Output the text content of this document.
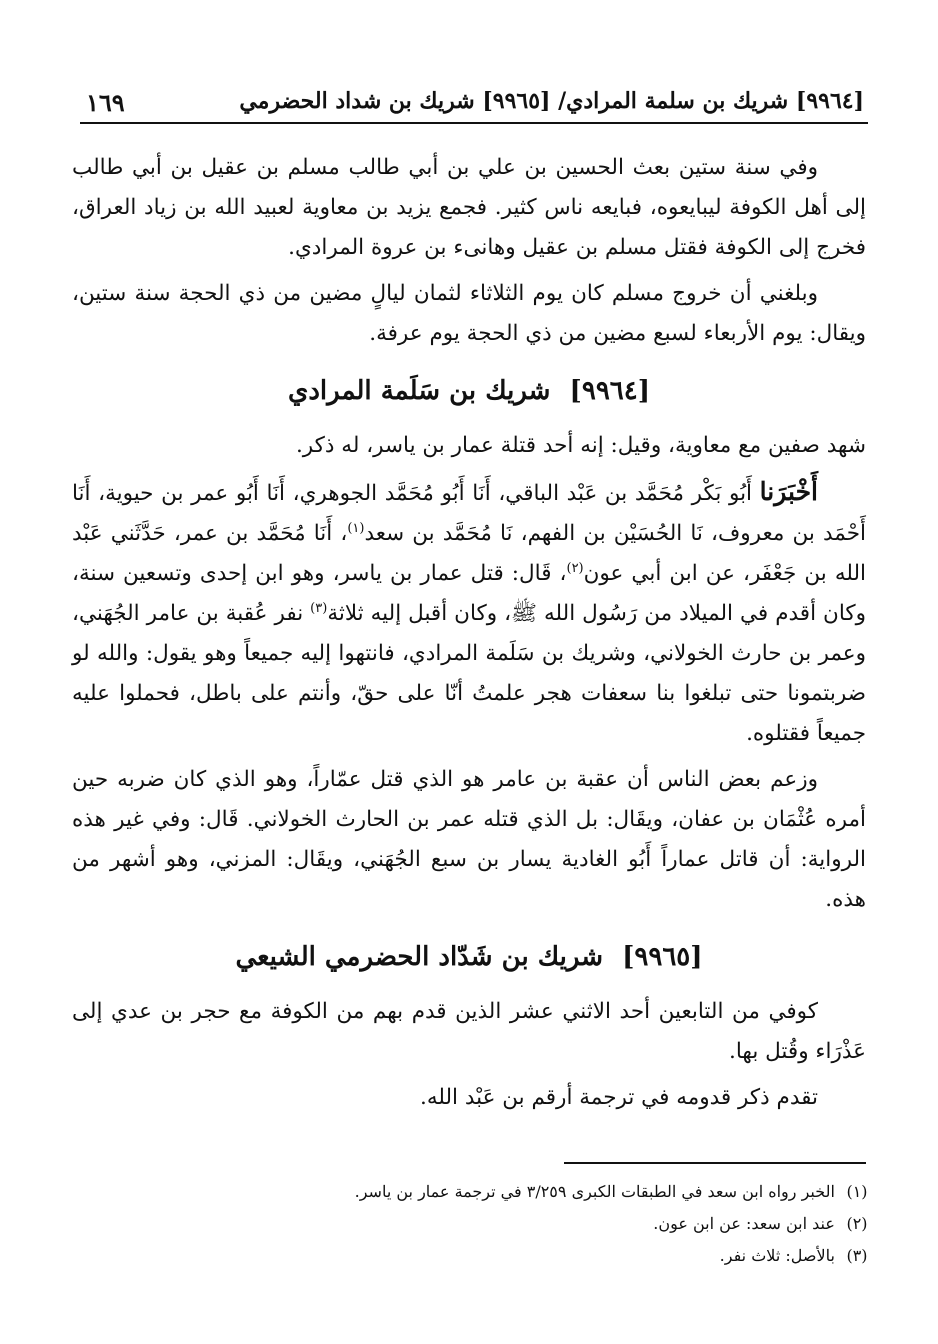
[٩٩٦٤] شريك بن سلمة المرادي/ [٩٩٦٥] شريك بن شداد الحضرمي
١٦٩

وفي سنة ستين بعث الحسين بن علي بن أبي طالب مسلم بن عقيل بن أبي طالب إلى أهل الكوفة ليبايعوه، فبايعه ناس كثير. فجمع يزيد بن معاوية لعبيد الله بن زياد العراق، فخرج إلى الكوفة فقتل مسلم بن عقيل وهانىء بن عروة المرادي.

وبلغني أن خروج مسلم كان يوم الثلاثاء لثمان ليالٍ مضين من ذي الحجة سنة ستين، ويقال: يوم الأربعاء لسبع مضين من ذي الحجة يوم عرفة.

[٩٩٦٤] شريك بن سَلَمة المرادي

شهد صفين مع معاوية، وقيل: إنه أحد قتلة عمار بن ياسر، له ذكر.

أَخْبَرَنا أَبُو بَكْر مُحَمَّد بن عَبْد الباقي، أَنَا أَبُو مُحَمَّد الجوهري، أَنَا أَبُو عمر بن حيوية، أَنَا أَحْمَد بن معروف، نَا الحُسَيْن بن الفهم، نَا مُحَمَّد بن سعد$^{(١)}$، أَنَا مُحَمَّد بن عمر، حَدَّثَني عَبْد الله بن جَعْفَر، عن ابن أبي عون$^{(٢)}$، قَال: قتل عمار بن ياسر، وهو ابن إحدى وتسعين سنة، وكان أقدم في الميلاد من رَسُول الله ﷺ، وكان أقبل إليه ثلاثة$^{(٣)}$ نفر عُقبة بن عامر الجُهَني، وعمر بن حارث الخولاني، وشريك بن سَلَمة المرادي، فانتهوا إليه جميعاً وهو يقول: والله لو ضربتمونا حتى تبلغوا بنا سعفات هجر علمتُ أنّا على حقّ، وأنتم على باطل، فحملوا عليه جميعاً فقتلوه.

وزعم بعض الناس أن عقبة بن عامر هو الذي قتل عمّاراً، وهو الذي كان ضربه حين أمره عُثْمَان بن عفان، ويقَال: بل الذي قتله عمر بن الحارث الخولاني. قَال: وفي غير هذه الرواية: أن قاتل عماراً أَبُو الغادية يسار بن سبع الجُهَني، ويقَال: المزني، وهو أشهر من هذه.

[٩٩٦٥] شريك بن شَدّاد الحضرمي الشيعي

كوفي من التابعين أحد الاثني عشر الذين قدم بهم من الكوفة مع حجر بن عدي إلى عَذْرَاء وقُتل بها.

تقدم ذكر قدومه في ترجمة أرقم بن عَبْد الله.

(١) الخبر رواه ابن سعد في الطبقات الكبرى ٣/٢٥٩ في ترجمة عمار بن ياسر.
(٢) عند ابن سعد: عن ابن عون.
(٣) بالأصل: ثلاث نفر.
